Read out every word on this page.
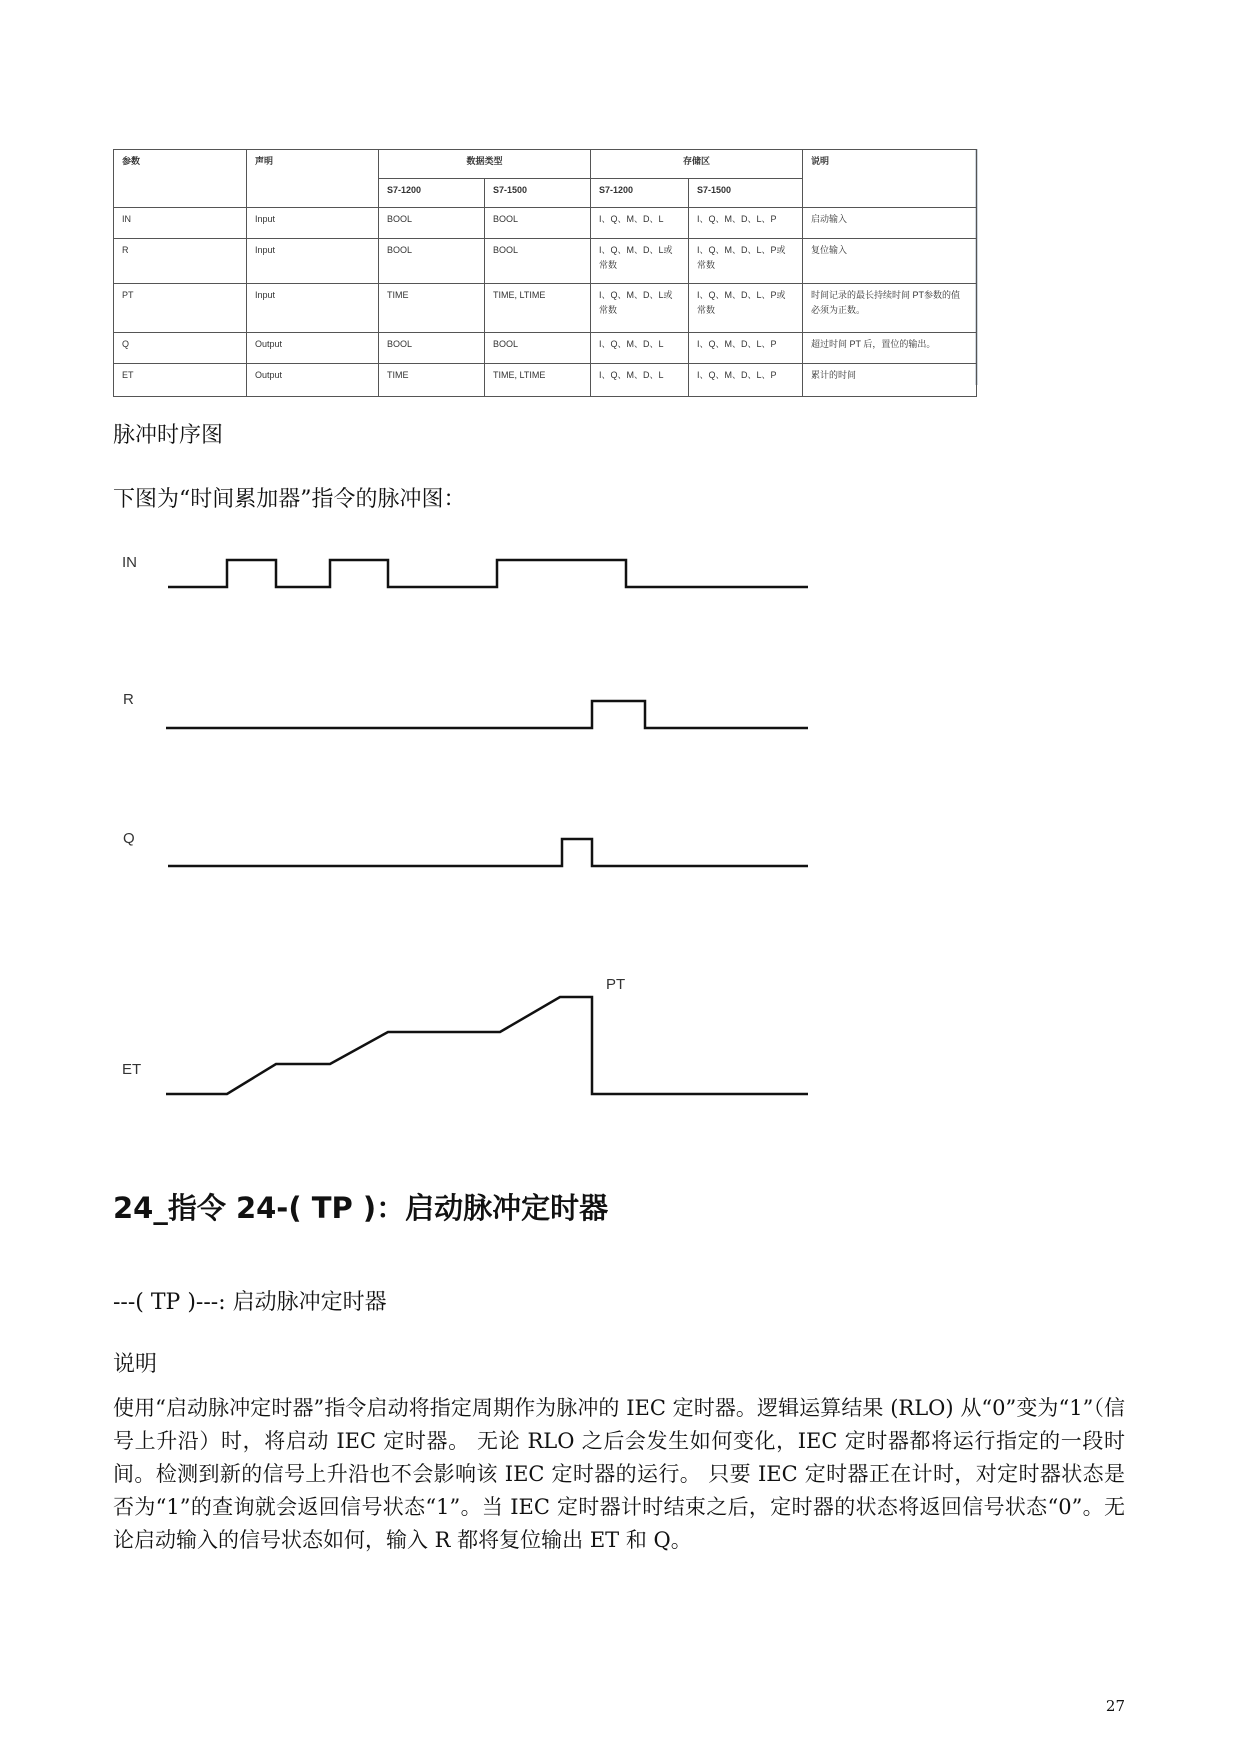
参数	声明	数据类型		存储区		说明
		S7-1200	S7-1500	S7-1200	S7-1500	
IN	Input	BOOL	BOOL	I、Q、M、D、L	I、Q、M、D、L、P	启动输入
R	Input	BOOL	BOOL	I、Q、M、D、L或常数	I、Q、M、D、L、P或常数	复位输入
PT	Input	TIME	TIME, LTIME	I、Q、M、D、L或常数	I、Q、M、D、L、P或常数	时间记录的最长持续时间 PT参数的值必须为正数。
Q	Output	BOOL	BOOL	I、Q、M、D、L	I、Q、M、D、L、P	超过时间 PT 后，置位的输出。
ET	Output	TIME	TIME, LTIME	I、Q、M、D、L	I、Q、M、D、L、P	累计的时间

脉冲时序图

下图为“时间累加器”指令的脉冲图：

IN
R
Q
PT
ET
24_指令 24-( TP )：启动脉冲定时器

---( TP )---: 启动脉冲定时器

说明

使用“启动脉冲定时器”指令启动将指定周期作为脉冲的 IEC 定时器。逻辑运算结果 (RLO) 从“0”变为“1”（信号上升沿）时，将启动 IEC 定时器。 无论 RLO 之后会发生如何变化，IEC 定时器都将运行指定的一段时间。检测到新的信号上升沿也不会影响该 IEC 定时器的运行。 只要 IEC 定时器正在计时，对定时器状态是否为“1”的查询就会返回信号状态“1”。当 IEC 定时器计时结束之后，定时器的状态将返回信号状态“0”。无论启动输入的信号状态如何，输入 R 都将复位输出 ET 和 Q。

27
